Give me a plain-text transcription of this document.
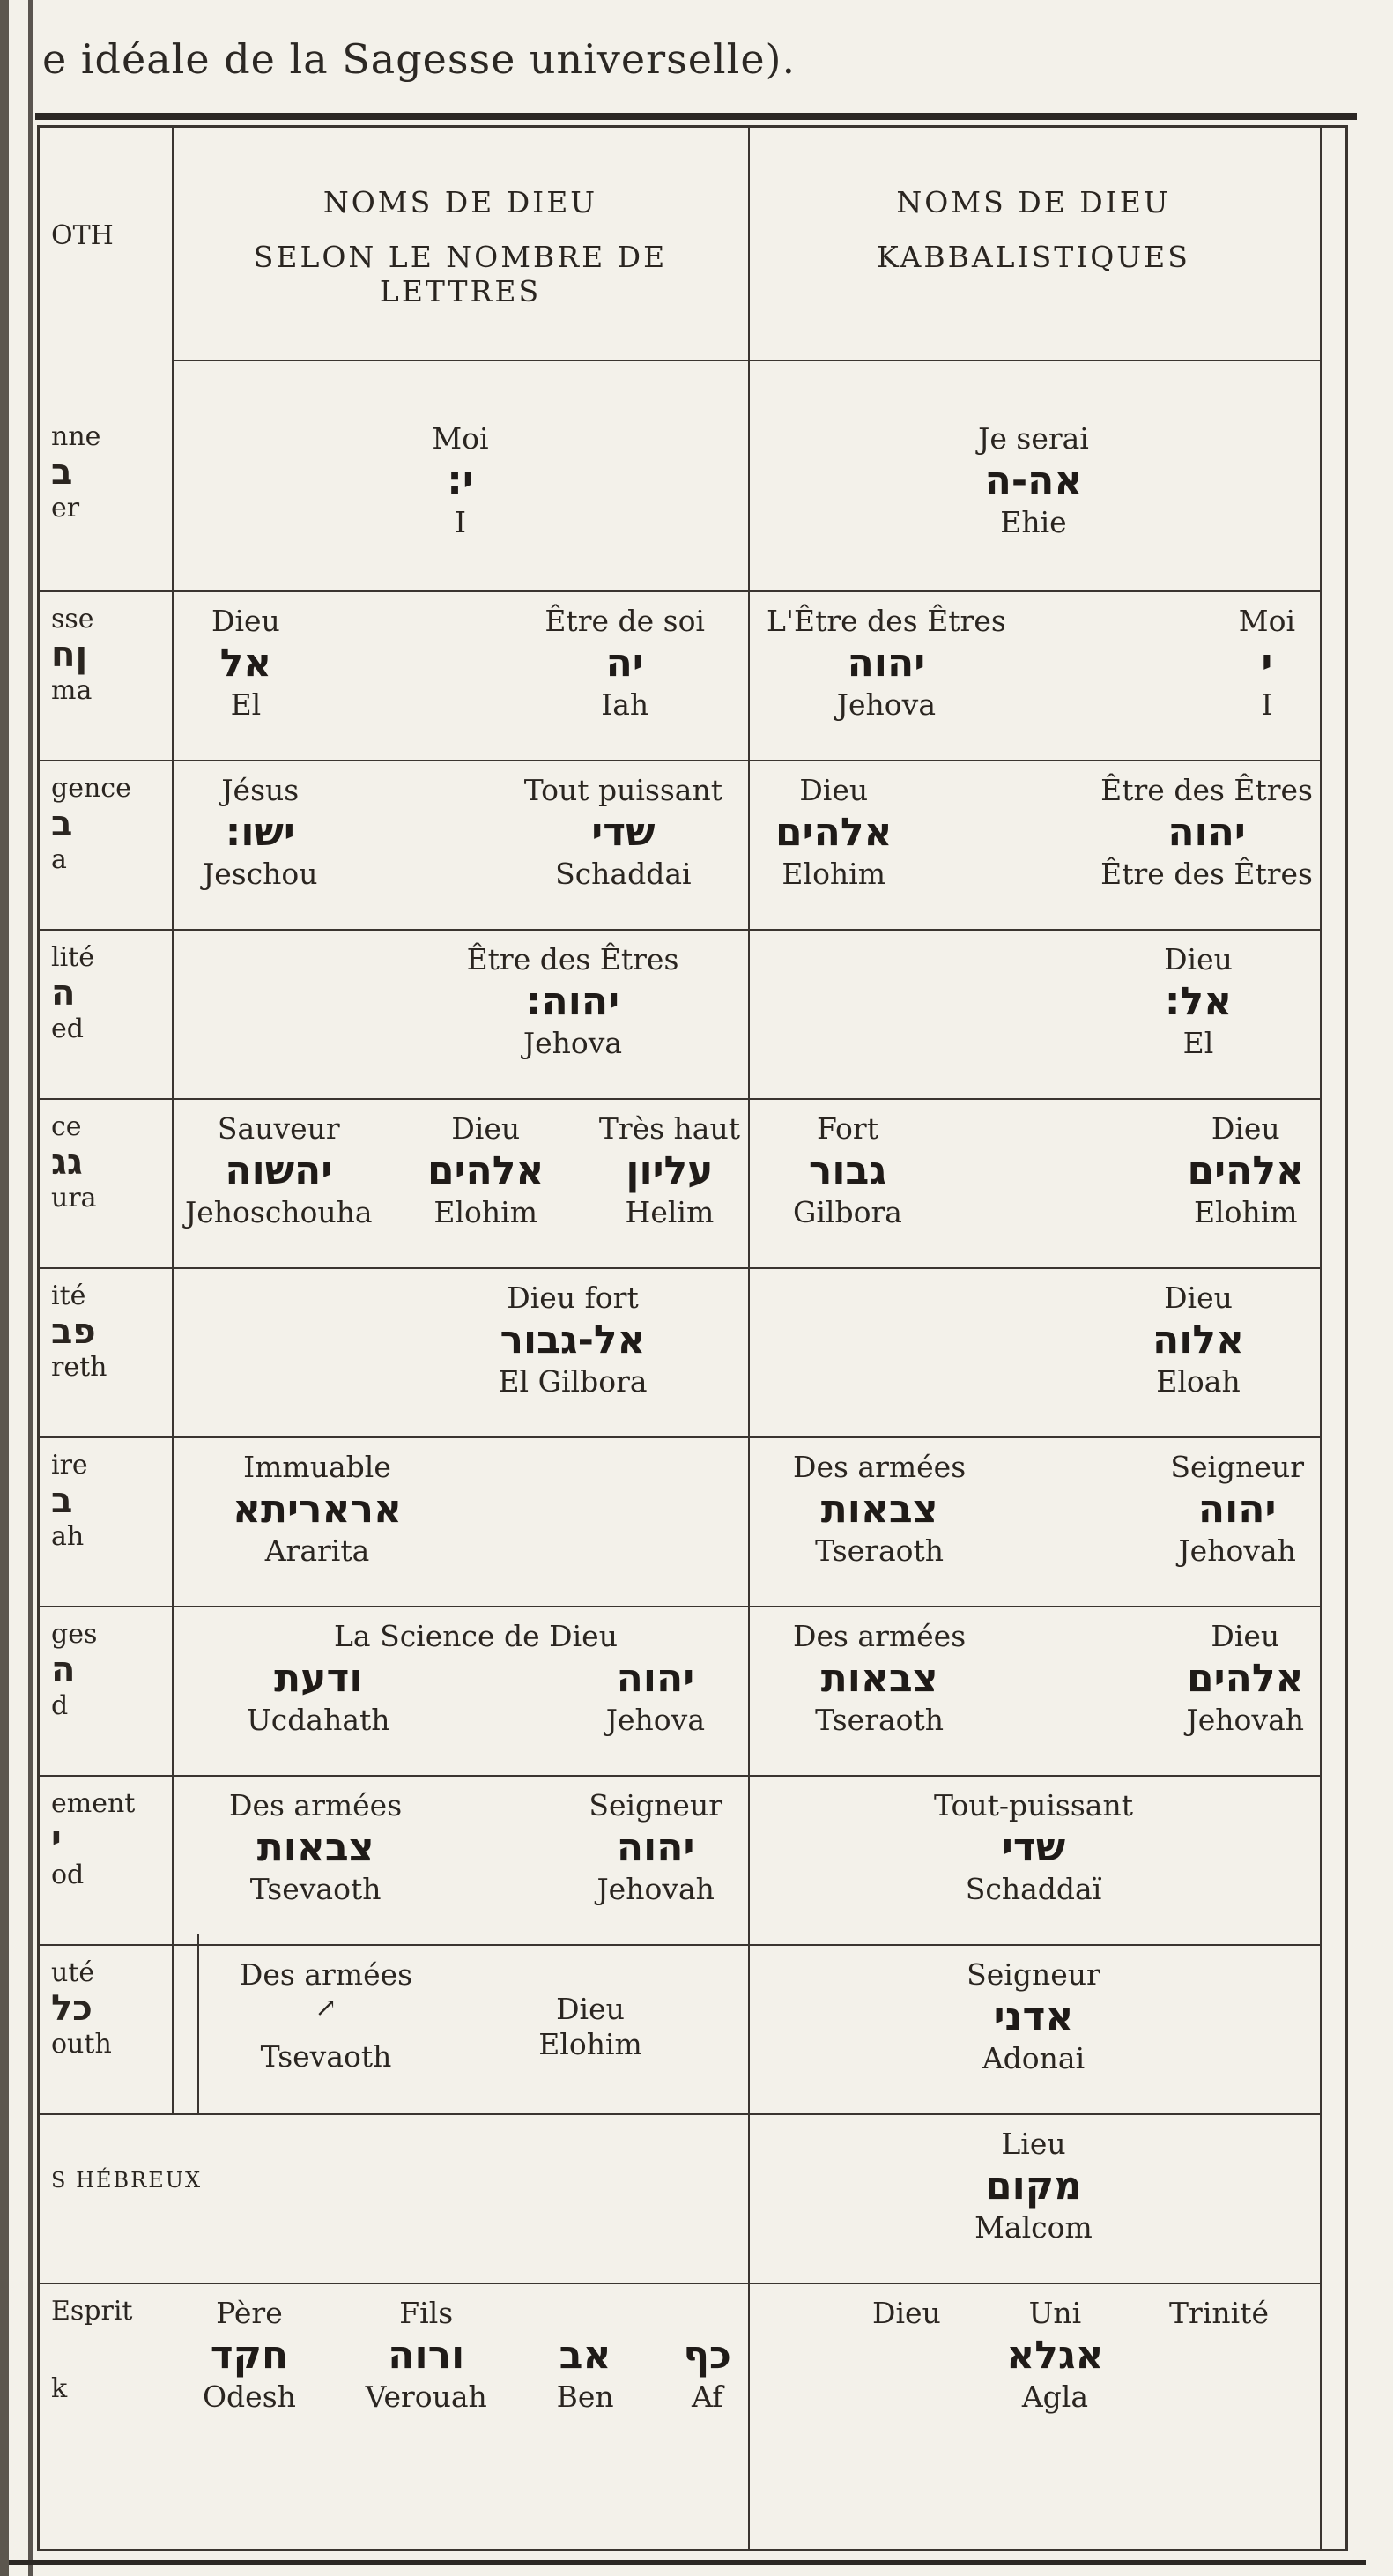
e idéale de la Sagesse universelle).
OTH
NOMS DE DIEU
SELON LE NOMBRE DE LETTRES
NOMS DE DIEU
KABBALISTIQUES
nne
ב
er
Moi
י:
I
Je serai
אה-ה
Ehie
sse
ןח
ma
Dieu
אל
El
Être de soi
יה
Iah
L'Être des Êtres
יהוה
Jehova
Moi
י
I
gence
ב
a
Jésus
ישו:
Jeschou
Tout puissant
שדי
Schaddai
Dieu
אלהים
Elohim
Être des Êtres
יהוה
Être des Êtres
lité
ה
ed
Être des Êtres
יהוה:
Jehova
Dieu
אל:
El
ce
גג
ura
Sauveur
יהשוה
Jehoschouha
Dieu
אלהים
Elohim
Très haut
עליון
Helim
Fort
גבור
Gilbora
Dieu
אלהים
Elohim
ité
פב
reth
Dieu fort
אל-גבור
El Gilbora
Dieu
אלוה
Eloah
ire
ב
ah
Immuable
אראריתא
Ararita
Des armées
צבאות
Tseraoth
Seigneur
יהוה
Jehovah
ges
ה
d
La Science de Dieu
ודעת
Ucdahath
יהוה
Jehova
Des armées
צבאות
Tseraoth
Dieu
אלהים
Jehovah
ement
י
od
Des armées
צבאות
Tsevaoth
Seigneur
יהוה
Jehovah
Tout-puissant
שדי
Schaddaï
uté
כל
outh
Des armées
↗
Tsevaoth
Dieu
Elohim
Seigneur
אדני
Adonai
S HÉBREUX
Lieu
מקום
Malcom
Esprit
k
Père
חקד
Odesh
Fils
ורוה
Verouah
אב
Ben
כף
Af
Dieu	Uni
אגלא
Agla
Trinité
